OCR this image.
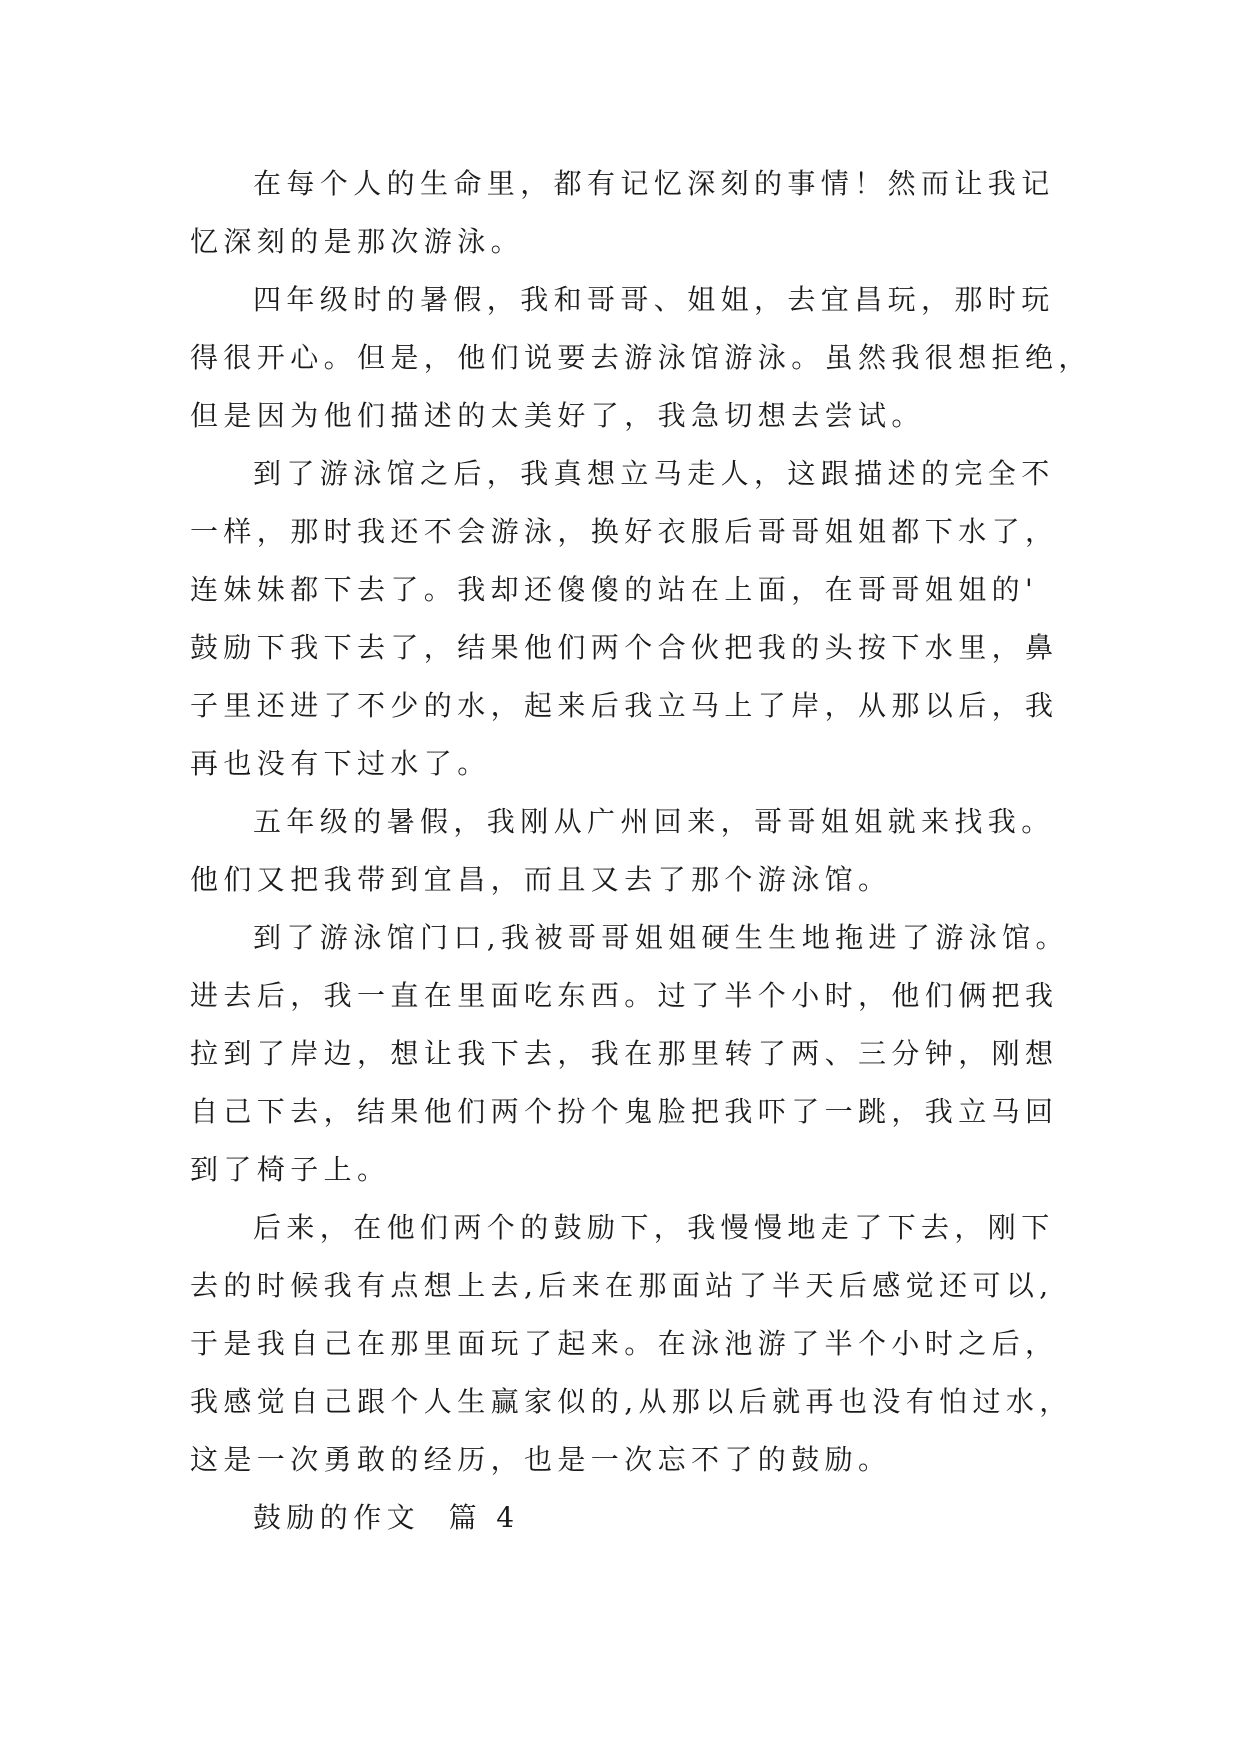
在每个人的生命里，都有记忆深刻的事情！然而让我记
忆深刻的是那次游泳。
四年级时的暑假，我和哥哥、姐姐，去宜昌玩，那时玩
得很开心。但是，他们说要去游泳馆游泳。虽然我很想拒绝，
但是因为他们描述的太美好了，我急切想去尝试。
到了游泳馆之后，我真想立马走人，这跟描述的完全不
一样，那时我还不会游泳，换好衣服后哥哥姐姐都下水了，
连妹妹都下去了。我却还傻傻的站在上面，在哥哥姐姐的'
鼓励下我下去了，结果他们两个合伙把我的头按下水里，鼻
子里还进了不少的水，起来后我立马上了岸，从那以后，我
再也没有下过水了。
五年级的暑假，我刚从广州回来，哥哥姐姐就来找我。
他们又把我带到宜昌，而且又去了那个游泳馆。
到了游泳馆门口,我被哥哥姐姐硬生生地拖进了游泳馆。
进去后，我一直在里面吃东西。过了半个小时，他们俩把我
拉到了岸边，想让我下去，我在那里转了两、三分钟，刚想
自己下去，结果他们两个扮个鬼脸把我吓了一跳，我立马回
到了椅子上。
后来，在他们两个的鼓励下，我慢慢地走了下去，刚下
去的时候我有点想上去,后来在那面站了半天后感觉还可以,
于是我自己在那里面玩了起来。在泳池游了半个小时之后，
我感觉自己跟个人生赢家似的,从那以后就再也没有怕过水，
这是一次勇敢的经历，也是一次忘不了的鼓励。
鼓励的作文  篇 4
